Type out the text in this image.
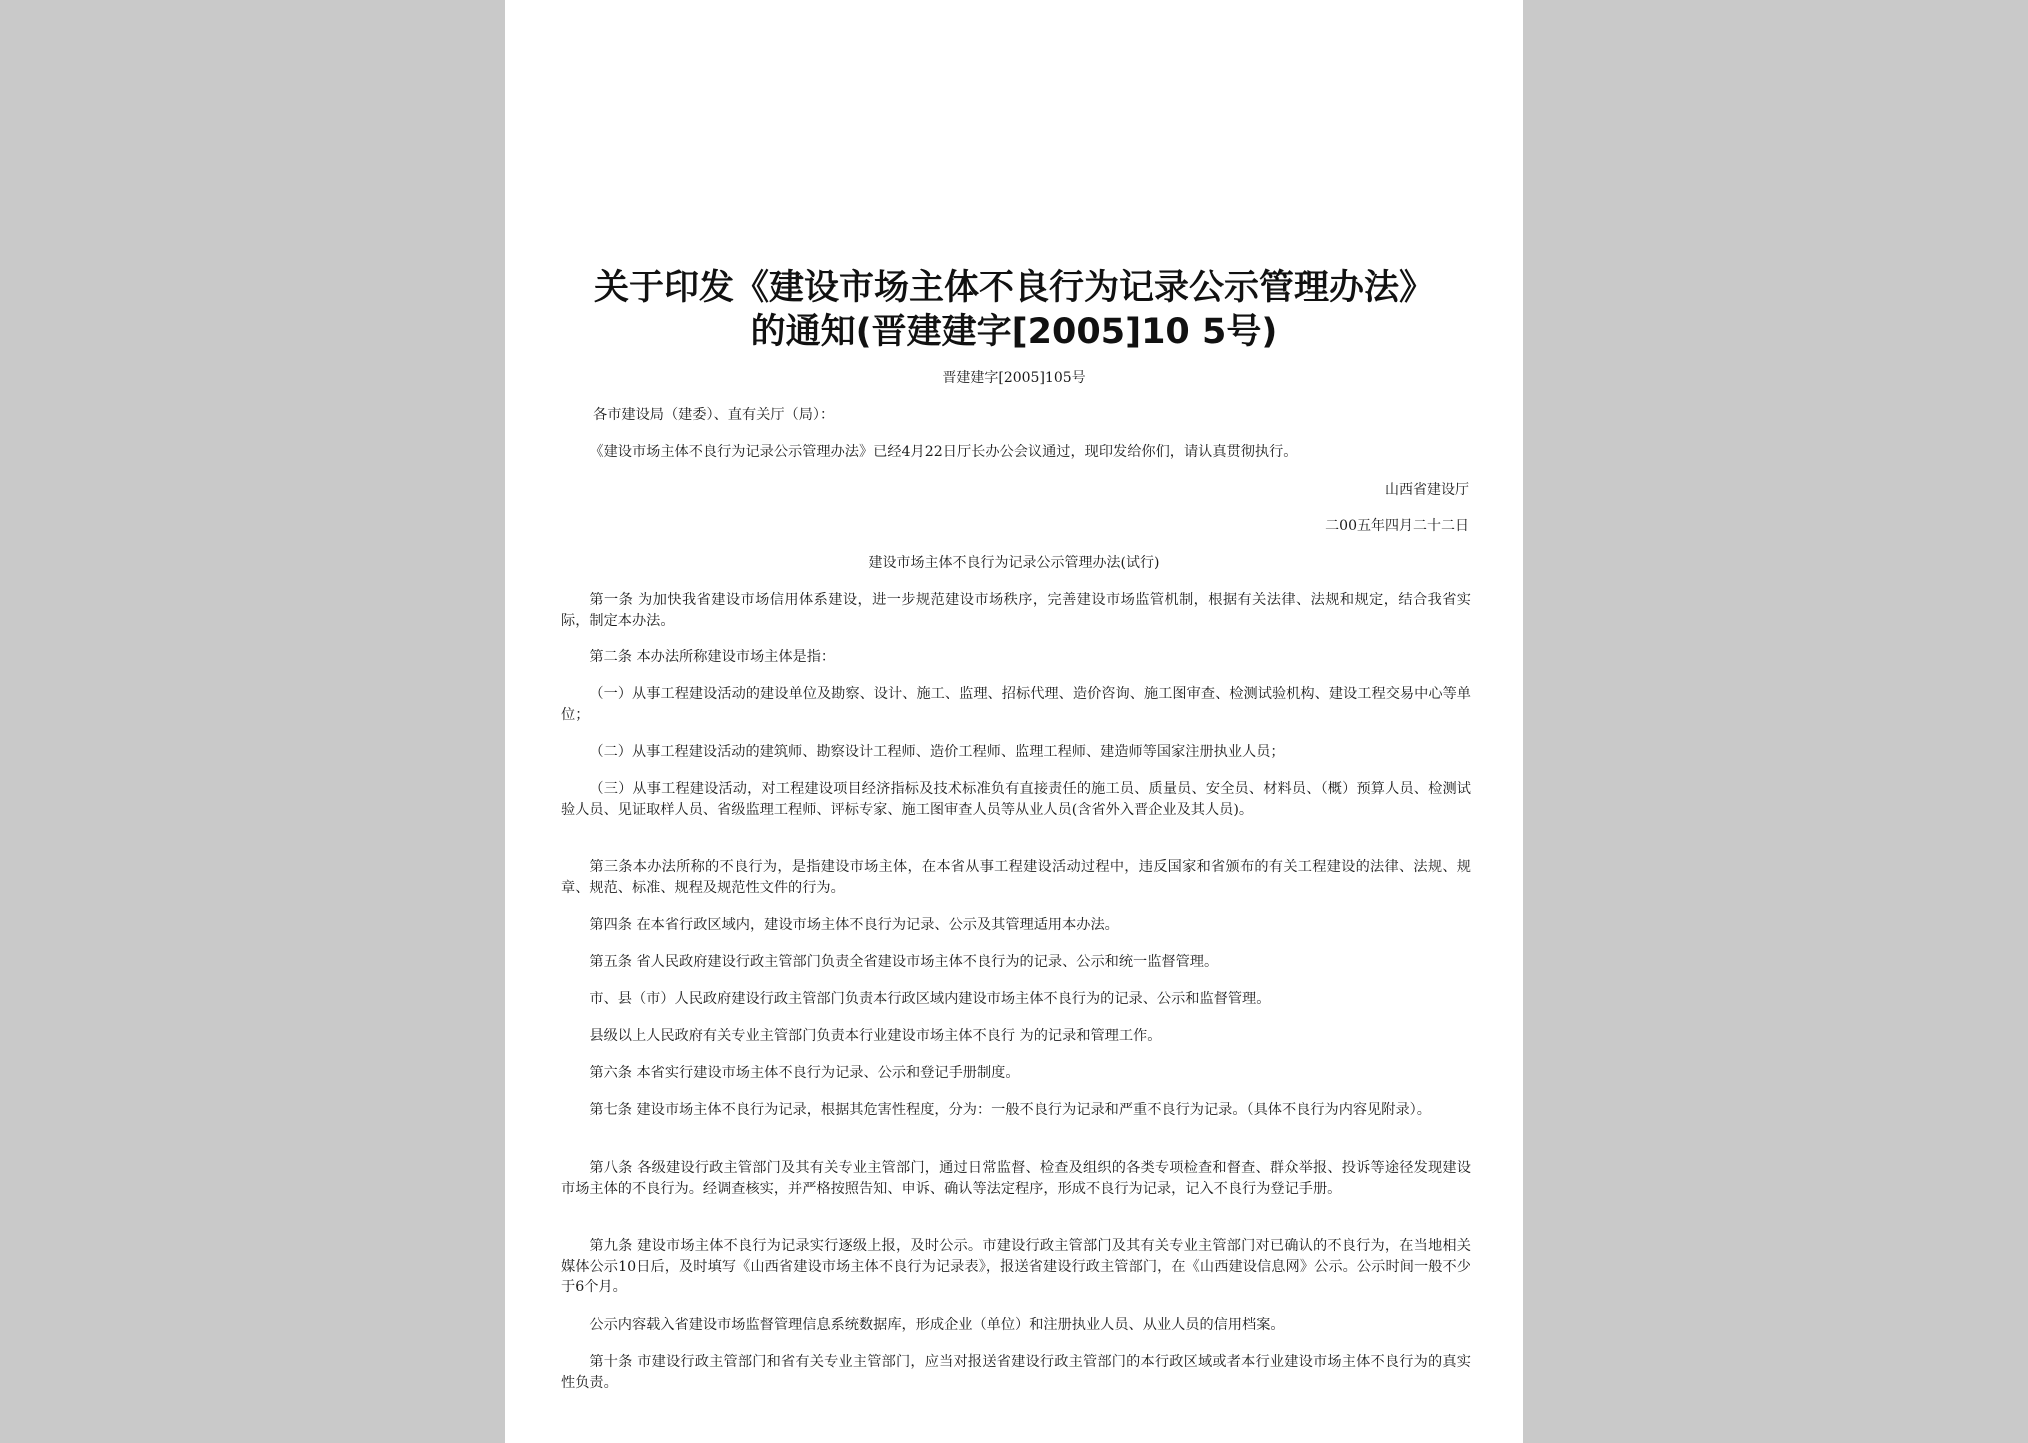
关于印发《建设市场主体不良行为记录公示管理办法》
的通知(晋建建字[2005]10 5号)
晋建建字[2005]105号
各市建设局（建委）、直有关厅（局）：
《建设市场主体不良行为记录公示管理办法》已经4月22日厅长办公会议通过，现印发给你们，请认真贯彻执行。
山西省建设厅
二00五年四月二十二日
建设市场主体不良行为记录公示管理办法(试行)
第一条 为加快我省建设市场信用体系建设，进一步规范建设市场秩序，完善建设市场监管机制，根据有关法律、法规和规定，结合我省实际，制定本办法。
第二条 本办法所称建设市场主体是指：
（一）从事工程建设活动的建设单位及勘察、设计、施工、监理、招标代理、造价咨询、施工图审查、检测试验机构、建设工程交易中心等单位；
（二）从事工程建设活动的建筑师、勘察设计工程师、造价工程师、监理工程师、建造师等国家注册执业人员；
（三）从事工程建设活动，对工程建设项目经济指标及技术标准负有直接责任的施工员、质量员、安全员、材料员、（概）预算人员、检测试验人员、见证取样人员、省级监理工程师、评标专家、施工图审查人员等从业人员(含省外入晋企业及其人员)。
第三条本办法所称的不良行为，是指建设市场主体，在本省从事工程建设活动过程中，违反国家和省颁布的有关工程建设的法律、法规、规章、规范、标准、规程及规范性文件的行为。
第四条 在本省行政区域内，建设市场主体不良行为记录、公示及其管理适用本办法。
第五条 省人民政府建设行政主管部门负责全省建设市场主体不良行为的记录、公示和统一监督管理。
市、县（市）人民政府建设行政主管部门负责本行政区域内建设市场主体不良行为的记录、公示和监督管理。
县级以上人民政府有关专业主管部门负责本行业建设市场主体不良行 为的记录和管理工作。
第六条 本省实行建设市场主体不良行为记录、公示和登记手册制度。
第七条 建设市场主体不良行为记录，根据其危害性程度，分为：一般不良行为记录和严重不良行为记录。（具体不良行为内容见附录）。
第八条 各级建设行政主管部门及其有关专业主管部门，通过日常监督、检查及组织的各类专项检查和督查、群众举报、投诉等途径发现建设市场主体的不良行为。经调查核实，并严格按照告知、申诉、确认等法定程序，形成不良行为记录，记入不良行为登记手册。
第九条 建设市场主体不良行为记录实行逐级上报，及时公示。市建设行政主管部门及其有关专业主管部门对已确认的不良行为，在当地相关媒体公示10日后，及时填写《山西省建设市场主体不良行为记录表》，报送省建设行政主管部门，在《山西建设信息网》公示。公示时间一般不少于6个月。
公示内容载入省建设市场监督管理信息系统数据库，形成企业（单位）和注册执业人员、从业人员的信用档案。
第十条 市建设行政主管部门和省有关专业主管部门，应当对报送省建设行政主管部门的本行政区域或者本行业建设市场主体不良行为的真实性负责。
